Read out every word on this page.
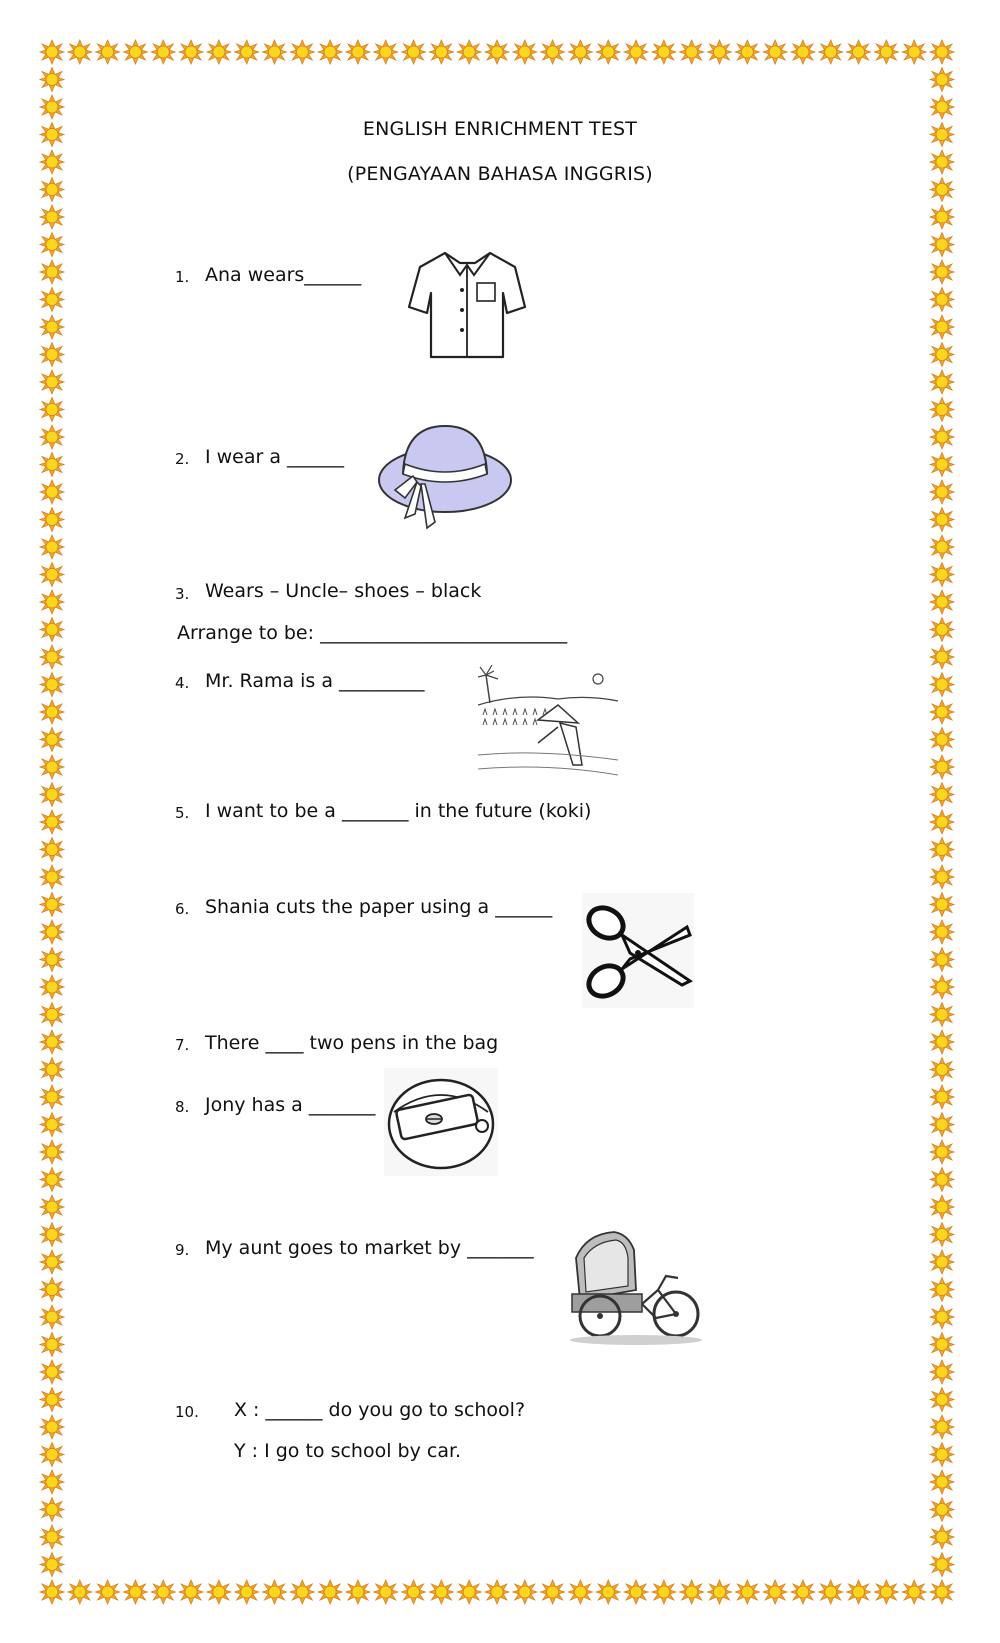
ENGLISH ENRICHMENT TEST
(PENGAYAAN BAHASA INGGRIS)
1. Ana wears______
2. I wear a ______
3. Wears – Uncle– shoes – black
Arrange to be: __________________________
4. Mr. Rama is a _________
5. I want to be a _______ in the future (koki)
6. Shania cuts the paper using a ______
7. There ____ two pens in the bag
8. Jony has a _______
9. My aunt goes to market by _______
10. X : ______ do you go to school?
Y : I go to school by car.
